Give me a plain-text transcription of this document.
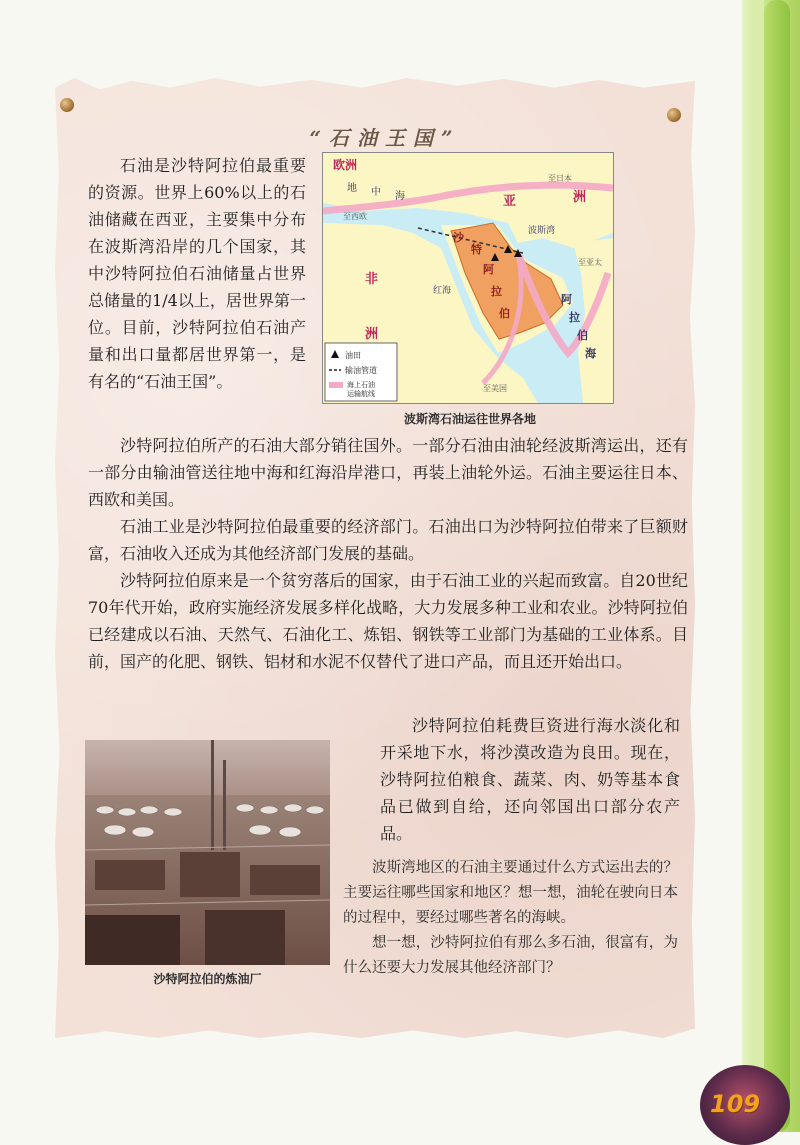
“石油王国”

石油是沙特阿拉伯最重要的资源。世界上60%以上的石油储藏在西亚，主要集中分布在波斯湾沿岸的几个国家，其中沙特阿拉伯石油储量占世界总储量的1/4以上，居世界第一位。目前，沙特阿拉伯石油产量和出口量都居世界第一，是有名的“石油王国”。

欧洲
亚	洲
非
洲
沙
特
阿
拉
伯
地 中 海
波斯湾
红海
阿
拉
伯
海
至日本
至西欧
至美国
至亚太
油田
输油管道
海上石油
运输航线
波斯湾石油运往世界各地

沙特阿拉伯所产的石油大部分销往国外。一部分石油由油轮经波斯湾运出，还有一部分由输油管送往地中海和红海沿岸港口，再装上油轮外运。石油主要运往日本、西欧和美国。

石油工业是沙特阿拉伯最重要的经济部门。石油出口为沙特阿拉伯带来了巨额财富，石油收入还成为其他经济部门发展的基础。

沙特阿拉伯原来是一个贫穷落后的国家，由于石油工业的兴起而致富。自20世纪70年代开始，政府实施经济发展多样化战略，大力发展多种工业和农业。沙特阿拉伯已经建成以石油、天然气、石油化工、炼铝、钢铁等工业部门为基础的工业体系。目前，国产的化肥、钢铁、铝材和水泥不仅替代了进口产品，而且还开始出口。

沙特阿拉伯的炼油厂

沙特阿拉伯耗费巨资进行海水淡化和开采地下水，将沙漠改造为良田。现在，沙特阿拉伯粮食、蔬菜、肉、奶等基本食品已做到自给，还向邻国出口部分农产品。

波斯湾地区的石油主要通过什么方式运出去的？主要运往哪些国家和地区？想一想，油轮在驶向日本的过程中，要经过哪些著名的海峡。

想一想，沙特阿拉伯有那么多石油，很富有，为什么还要大力发展其他经济部门？

109
